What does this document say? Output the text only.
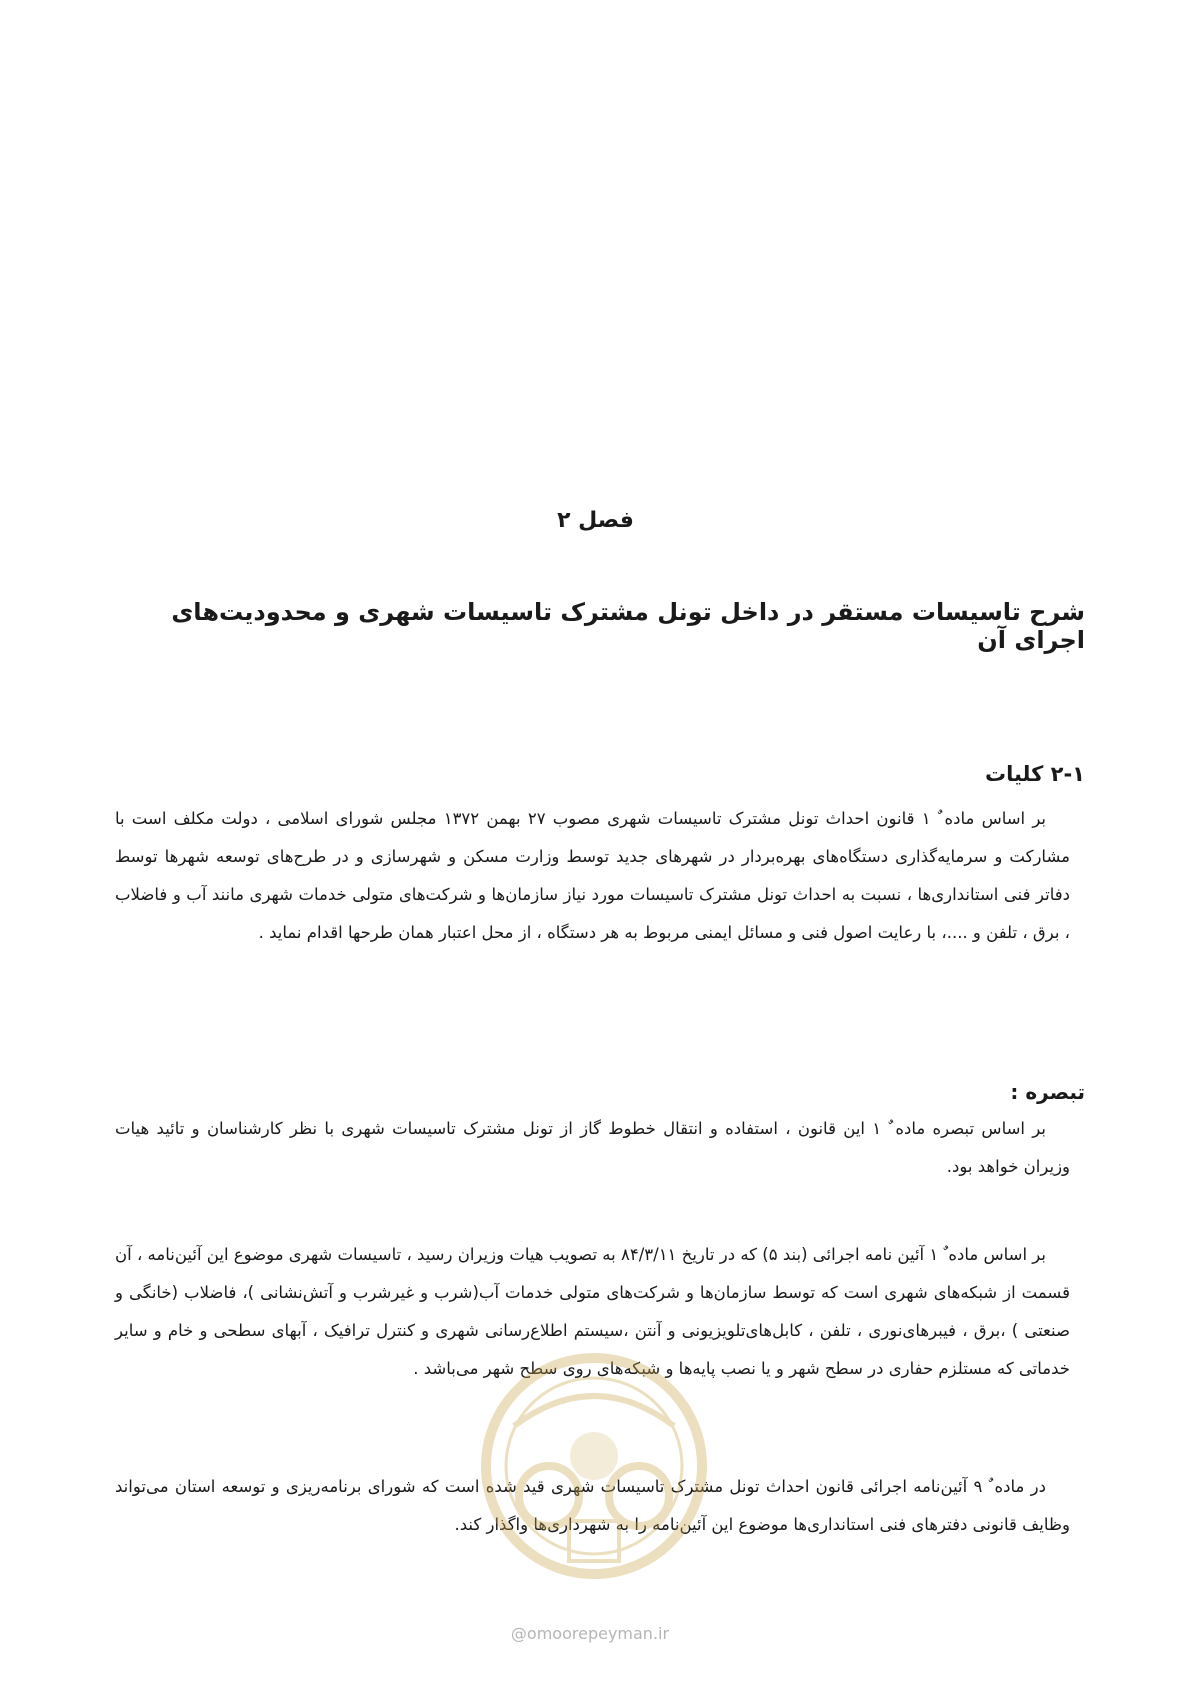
فصل ۲
شرح تاسیسات مستقر در داخل تونل مشترک تاسیسات شهری و محدودیت‌های اجرای آن
۲-۱ کلیات

بر اساس ماده ٌ ۱ قانون احداث تونل مشترک تاسیسات شهری مصوب ۲۷ بهمن ۱۳۷۲ مجلس شورای اسلامی ، دولت مکلف است با مشارکت و سرمایه‌گذاری دستگاه‌های بهره‌بردار در شهرهای جدید توسط وزارت مسکن و شهرسازی و در طرح‌های توسعه شهرها توسط دفاتر فنی استانداری‌ها ، نسبت به احداث تونل مشترک تاسیسات مورد نیاز سازمان‌ها و شرکت‌های متولی خدمات شهری مانند آب و فاضلاب ، برق ، تلفن و ....، با رعایت اصول فنی و مسائل ایمنی مربوط به هر دستگاه ، از محل اعتبار همان طرحها اقدام نماید .

تبصره :

بر اساس تبصره ماده ٌ ۱ این قانون ، استفاده و انتقال خطوط گاز از تونل مشترک تاسیسات شهری با نظر کارشناسان و تائید هیات وزیران خواهد بود.

بر اساس ماده ٌ ۱ آئین نامه اجرائی (بند ۵) که در تاریخ ۸۴/۳/۱۱ به تصویب هیات وزیران رسید ، تاسیسات شهری موضوع این آئین‌نامه ، آن قسمت از شبکه‌های شهری است که توسط سازمان‌ها و شرکت‌های متولی خدمات آب(شرب و غیرشرب و آتش‌نشانی )، فاضلاب (خانگی و صنعتی ) ،برق ، فیبرهای‌نوری ، تلفن ، کابل‌های‌تلویزیونی و آنتن ،سیستم اطلاع‌رسانی شهری و کنترل ترافیک ، آبهای سطحی و خام و سایر خدماتی که مستلزم حفاری در سطح شهر و یا نصب پایه‌ها و شبکه‌های روی سطح شهر می‌باشد .

در ماده ٌ ۹ آئین‌نامه اجرائی قانون احداث تونل مشترک تاسیسات شهری قید شده است که شورای برنامه‌ریزی و توسعه استان می‌تواند وظایف قانونی دفترهای فنی استانداری‌ها موضوع این آئین‌نامه را به شهرداری‌ها واگذار کند.

@omoorepeyman.ir
